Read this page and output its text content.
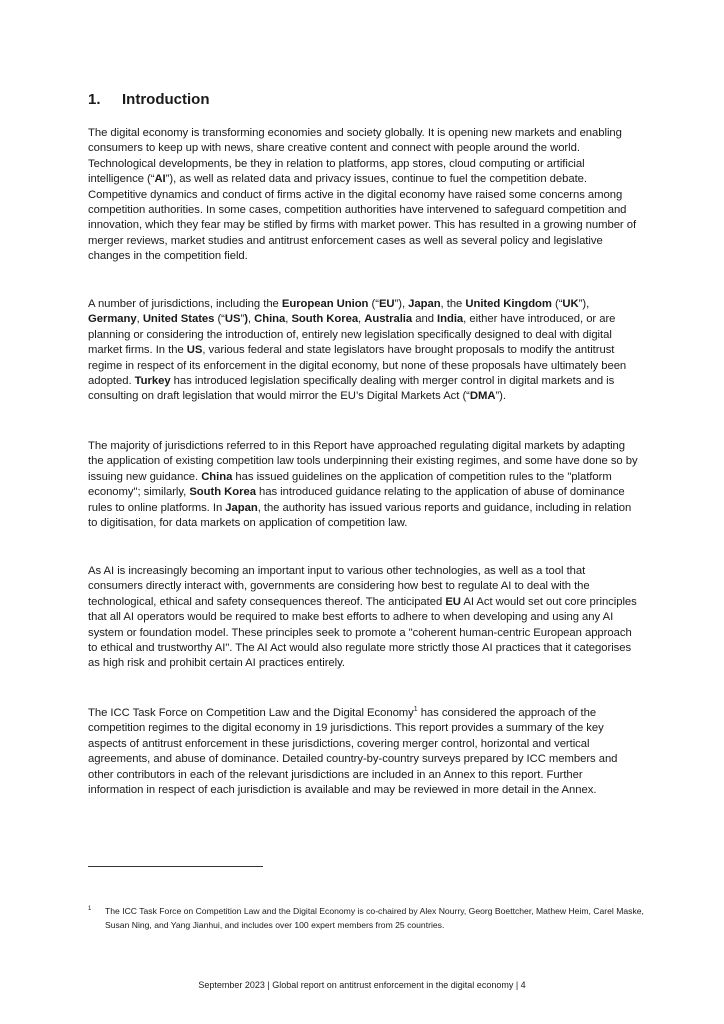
1.	Introduction

The digital economy is transforming economies and society globally. It is opening new markets and enabling consumers to keep up with news, share creative content and connect with people around the world. Technological developments, be they in relation to platforms, app stores, cloud computing or artificial intelligence (“AI”), as well as related data and privacy issues, continue to fuel the competition debate. Competitive dynamics and conduct of firms active in the digital economy have raised some concerns among competition authorities. In some cases, competition authorities have intervened to safeguard competition and innovation, which they fear may be stifled by firms with market power. This has resulted in a growing number of merger reviews, market studies and antitrust enforcement cases as well as several policy and legislative changes in the competition field.

A number of jurisdictions, including the European Union (“EU”), Japan, the United Kingdom (“UK”), Germany, United States (“US”), China, South Korea, Australia and India, either have introduced, or are planning or considering the introduction of, entirely new legislation specifically designed to deal with digital market firms. In the US, various federal and state legislators have brought proposals to modify the antitrust regime in respect of its enforcement in the digital economy, but none of these proposals have ultimately been adopted. Turkey has introduced legislation specifically dealing with merger control in digital markets and is consulting on draft legislation that would mirror the EU’s Digital Markets Act (“DMA”).

The majority of jurisdictions referred to in this Report have approached regulating digital markets by adapting the application of existing competition law tools underpinning their existing regimes, and some have done so by issuing new guidance. China has issued guidelines on the application of competition rules to the "platform economy"; similarly, South Korea has introduced guidance relating to the application of abuse of dominance rules to online platforms. In Japan, the authority has issued various reports and guidance, including in relation to digitisation, for data markets on application of competition law.

As AI is increasingly becoming an important input to various other technologies, as well as a tool that consumers directly interact with, governments are considering how best to regulate AI to deal with the technological, ethical and safety consequences thereof. The anticipated EU AI Act would set out core principles that all AI operators would be required to make best efforts to adhere to when developing and using any AI system or foundation model. These principles seek to promote a "coherent human-centric European approach to ethical and trustworthy AI". The AI Act would also regulate more strictly those AI practices that it categorises as high risk and prohibit certain AI practices entirely.

The ICC Task Force on Competition Law and the Digital Economy$^1$ has considered the approach of the competition regimes to the digital economy in 19 jurisdictions. This report provides a summary of the key aspects of antitrust enforcement in these jurisdictions, covering merger control, horizontal and vertical agreements, and abuse of dominance. Detailed country-by-country surveys prepared by ICC members and other contributors in each of the relevant jurisdictions are included in an Annex to this report. Further information in respect of each jurisdiction is available and may be reviewed in more detail in the Annex.

1	The ICC Task Force on Competition Law and the Digital Economy is co-chaired by Alex Nourry, Georg Boettcher, Mathew Heim, Carel Maske, Susan Ning, and Yang Jianhui, and includes over 100 expert members from 25 countries.
September 2023 | Global report on antitrust enforcement in the digital economy | 4
